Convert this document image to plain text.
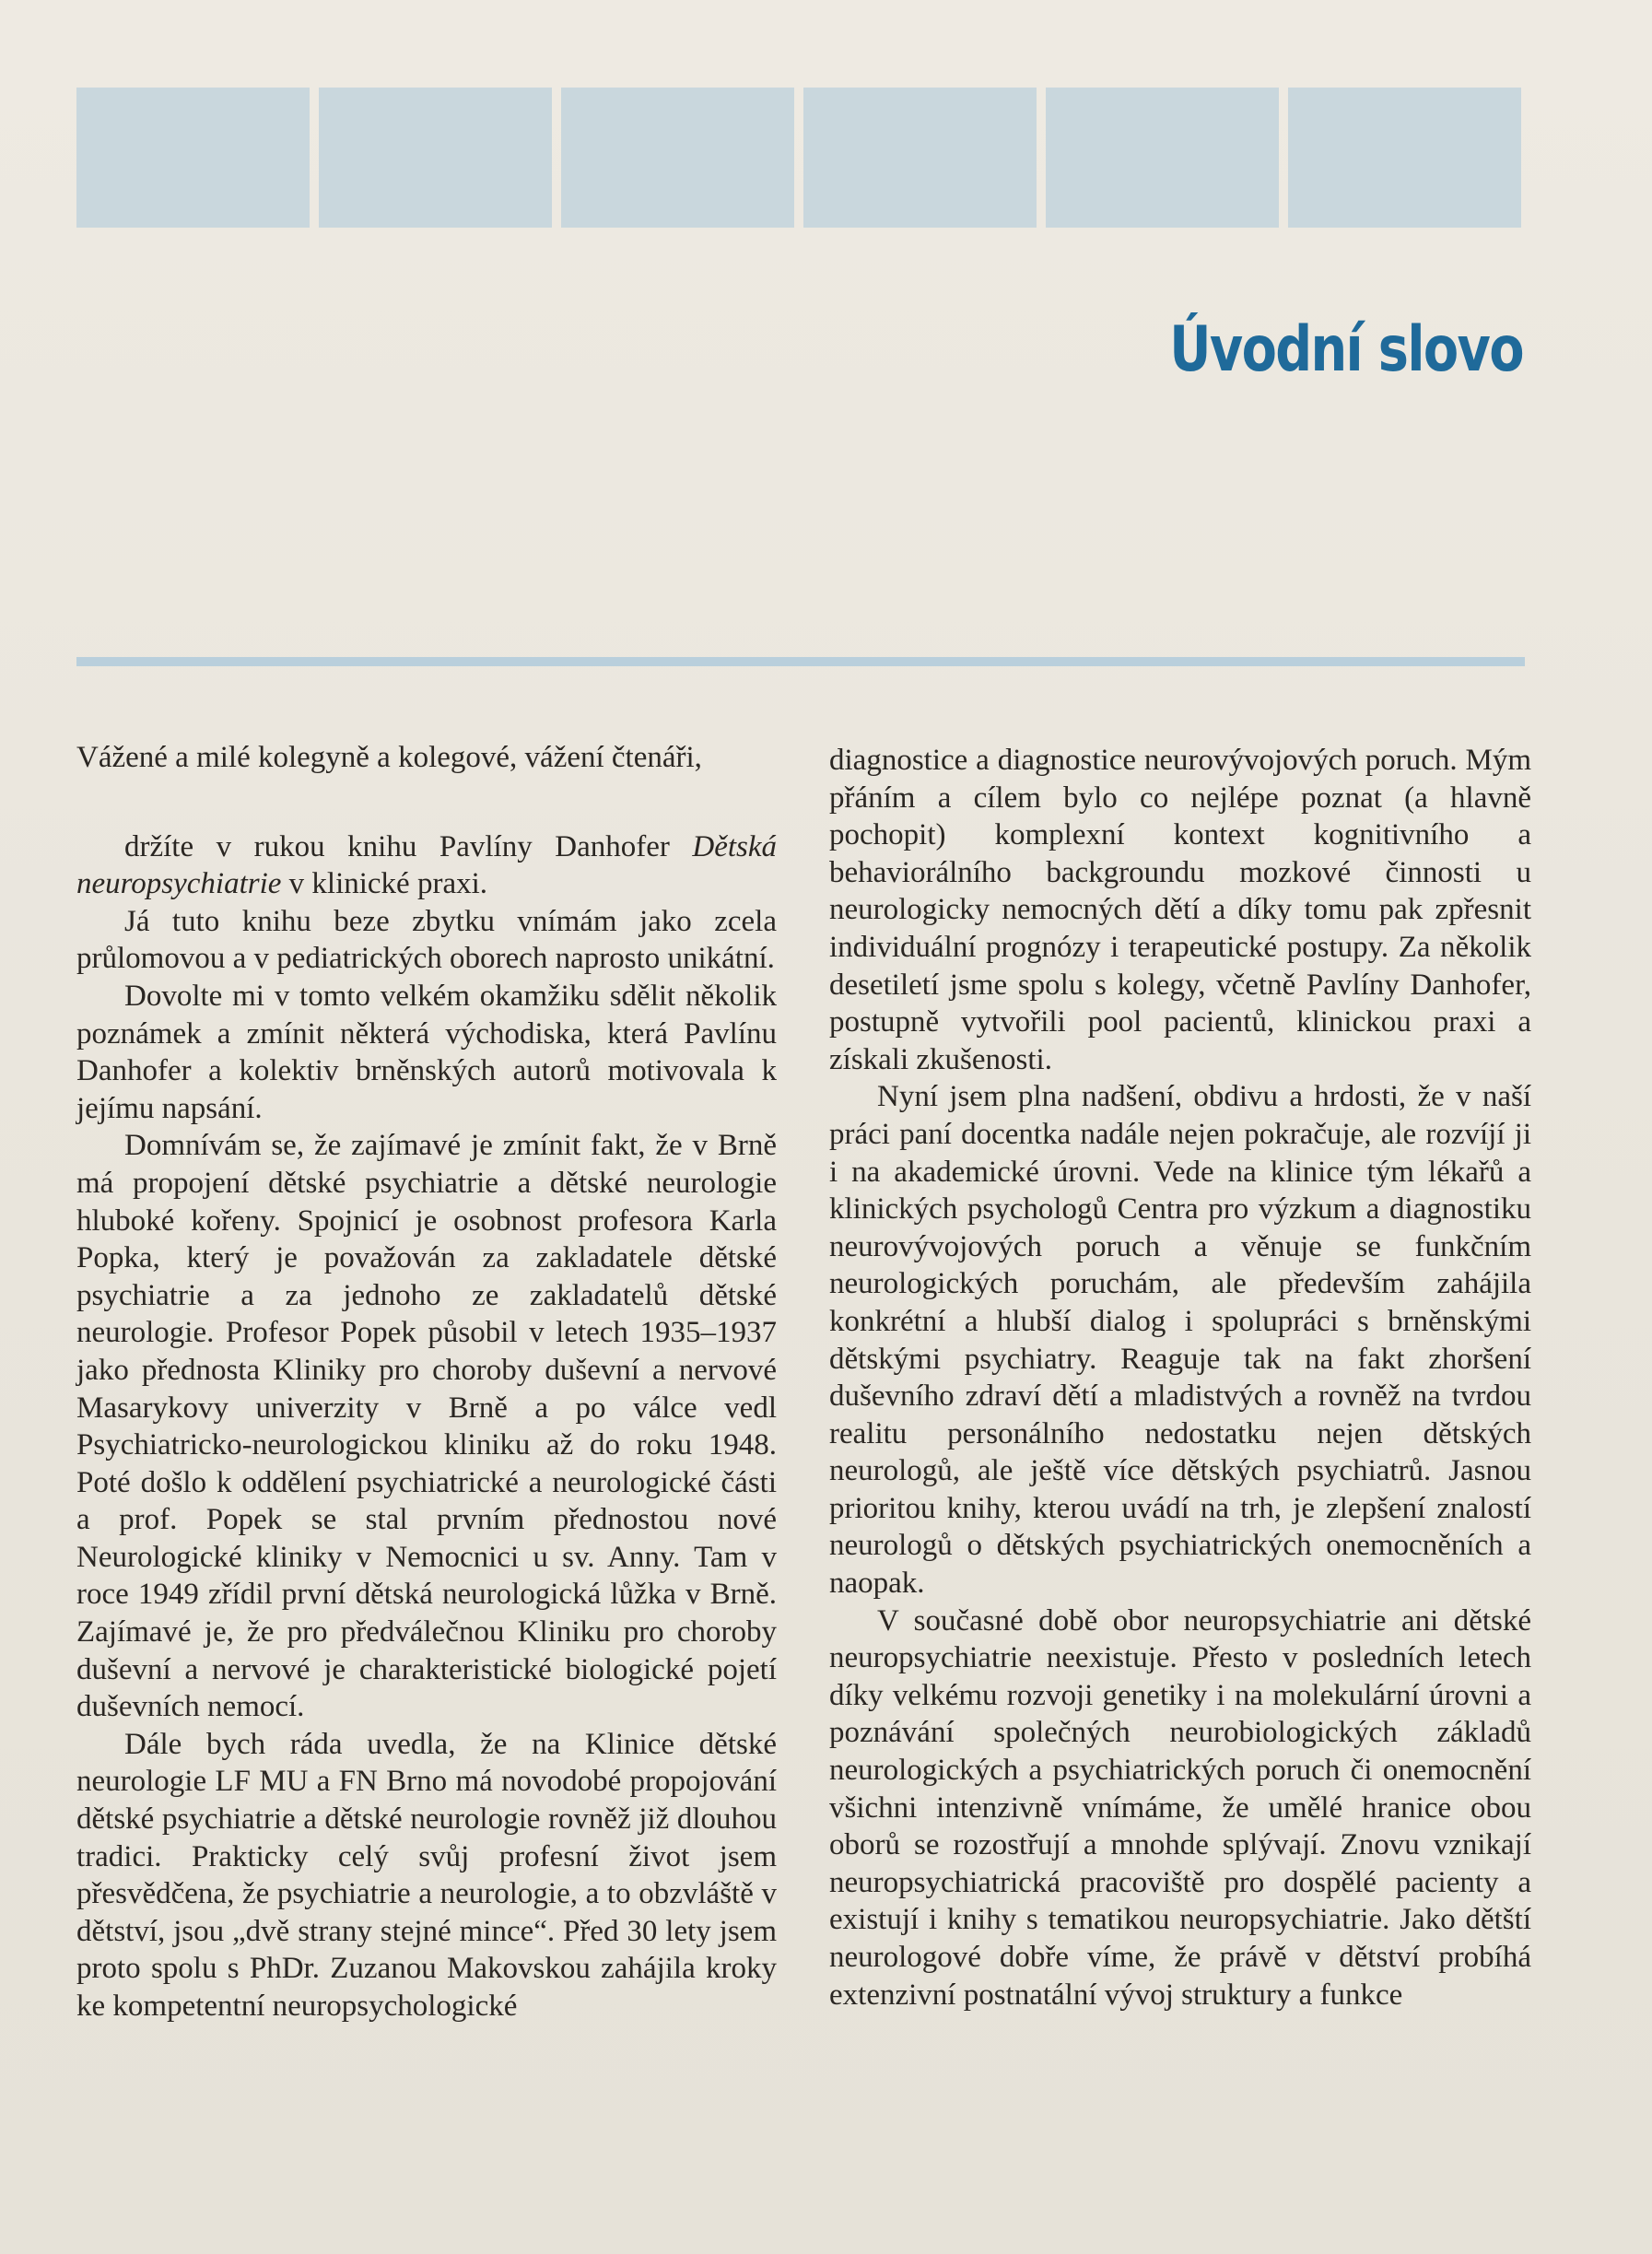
Úvodní slovo

Vážené a milé kolegyně a kolegové, vážení čtenáři,

držíte v rukou knihu Pavlíny Danhofer Dětská neuropsychiatrie v klinické praxi.

Já tuto knihu beze zbytku vnímám jako zcela průlomovou a v pediatrických oborech naprosto unikátní.

Dovolte mi v tomto velkém okamžiku sdělit několik poznámek a zmínit některá východiska, která Pavlínu Danhofer a kolektiv brněnských autorů motivovala k jejímu napsání.

Domnívám se, že zajímavé je zmínit fakt, že v Brně má propojení dětské psychiatrie a dětské neurologie hluboké kořeny. Spojnicí je osobnost profesora Karla Popka, který je považován za zakladatele dětské psychiatrie a za jednoho ze zakladatelů dětské neurologie. Profesor Popek působil v letech 1935–1937 jako přednosta Kliniky pro choroby duševní a nervové Masarykovy univerzity v Brně a po válce vedl Psychiatricko-neurologickou kliniku až do roku 1948. Poté došlo k oddělení psychiatrické a neurologické části a prof. Popek se stal prvním přednostou nové Neurologické kliniky v Nemocnici u sv. Anny. Tam v roce 1949 zřídil první dětská neurologická lůžka v Brně. Zajímavé je, že pro předválečnou Kliniku pro choroby duševní a nervové je charakteristické biologické pojetí duševních nemocí.

Dále bych ráda uvedla, že na Klinice dětské neurologie LF MU a FN Brno má novodobé propojování dětské psychiatrie a dětské neurologie rovněž již dlouhou tradici. Prakticky celý svůj profesní život jsem přesvědčena, že psychiatrie a neurologie, a to obzvláště v dětství, jsou „dvě strany stejné mince“. Před 30 lety jsem proto spolu s PhDr. Zuzanou Makovskou zahájila kroky ke kompetentní neuropsychologické

diagnostice a diagnostice neurovývojových poruch. Mým přáním a cílem bylo co nejlépe poznat (a hlavně pochopit) komplexní kontext kognitivního a behaviorálního backgroundu mozkové činnosti u neurologicky nemocných dětí a díky tomu pak zpřesnit individuální prognózy i terapeutické postupy. Za několik desetiletí jsme spolu s kolegy, včetně Pavlíny Danhofer, postupně vytvořili pool pacientů, klinickou praxi a získali zkušenosti.

Nyní jsem plna nadšení, obdivu a hrdosti, že v naší práci paní docentka nadále nejen pokračuje, ale rozvíjí ji i na akademické úrovni. Vede na klinice tým lékařů a klinických psychologů Centra pro výzkum a diagnostiku neurovývojových poruch a věnuje se funkčním neurologických poruchám, ale především zahájila konkrétní a hlubší dialog i spolupráci s brněnskými dětskými psychiatry. Reaguje tak na fakt zhoršení duševního zdraví dětí a mladistvých a rovněž na tvrdou realitu personálního nedostatku nejen dětských neurologů, ale ještě více dětských psychiatrů. Jasnou prioritou knihy, kterou uvádí na trh, je zlepšení znalostí neurologů o dětských psychiatrických onemocněních a naopak.

V současné době obor neuropsychiatrie ani dětské neuropsychiatrie neexistuje. Přesto v posledních letech díky velkému rozvoji genetiky i na molekulární úrovni a poznávání společných neurobiologických základů neurologických a psychiatrických poruch či onemocnění všichni intenzivně vnímáme, že umělé hranice obou oborů se rozostřují a mnohde splývají. Znovu vznikají neuropsychiatrická pracoviště pro dospělé pacienty a existují i knihy s tematikou neuropsychiatrie. Jako dětští neurologové dobře víme, že právě v dětství probíhá extenzivní postnatální vývoj struktury a funkce
